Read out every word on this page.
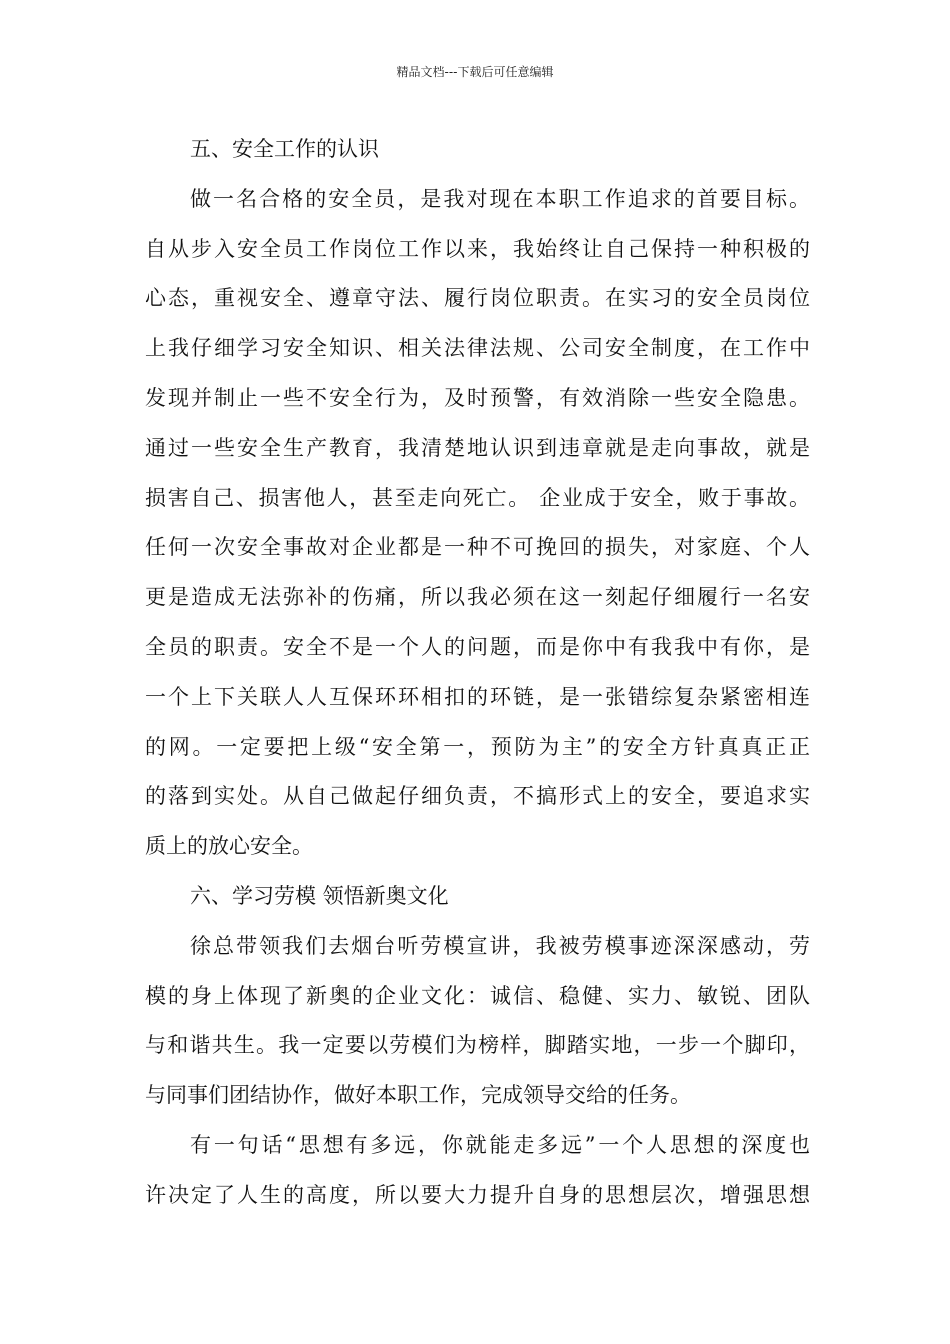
精品文档---下载后可任意编辑
五、安全工作的认识
做一名合格的安全员，是我对现在本职工作追求的首要目标。
自从步入安全员工作岗位工作以来，我始终让自己保持一种积极的
心态，重视安全、遵章守法、履行岗位职责。在实习的安全员岗位
上我仔细学习安全知识、相关法律法规、公司安全制度，在工作中
发现并制止一些不安全行为，及时预警，有效消除一些安全隐患。
通过一些安全生产教育，我清楚地认识到违章就是走向事故，就是
损害自己、损害他人，甚至走向死亡。 企业成于安全，败于事故。
任何一次安全事故对企业都是一种不可挽回的损失，对家庭、个人
更是造成无法弥补的伤痛，所以我必须在这一刻起仔细履行一名安
全员的职责。安全不是一个人的问题，而是你中有我我中有你，是
一个上下关联人人互保环环相扣的环链，是一张错综复杂紧密相连
的网。一定要把上级“安全第一，预防为主”的安全方针真真正正
的落到实处。从自己做起仔细负责，不搞形式上的安全，要追求实
质上的放心安全。
六、学习劳模 领悟新奥文化
徐总带领我们去烟台听劳模宣讲，我被劳模事迹深深感动，劳
模的身上体现了新奥的企业文化：诚信、稳健、实力、敏锐、团队
与和谐共生。我一定要以劳模们为榜样，脚踏实地，一步一个脚印，
与同事们团结协作，做好本职工作，完成领导交给的任务。
有一句话“思想有多远，你就能走多远”一个人思想的深度也
许决定了人生的高度，所以要大力提升自身的思想层次，增强思想
